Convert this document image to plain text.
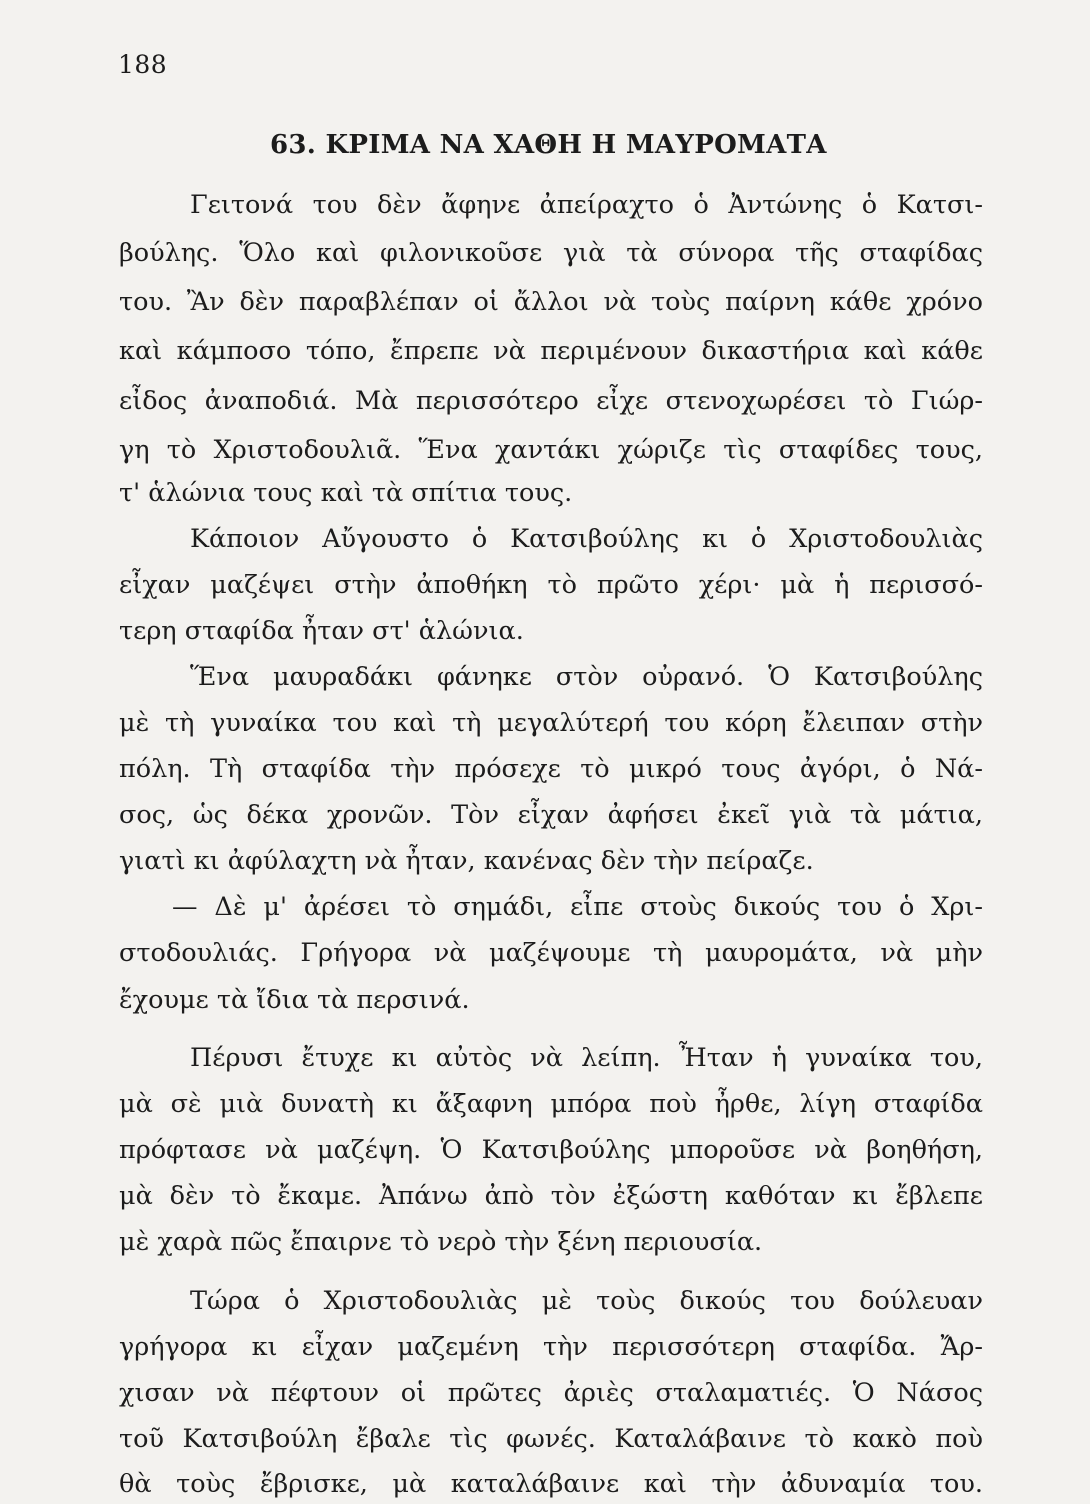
188
63. ΚΡΙΜΑ ΝΑ ΧΑΘΗ Η ΜΑΥΡΟΜΑΤΑ
Γειτονά του δὲν ἄφηνε ἀπείραχτο ὁ Ἀντώνης ὁ Κατσι-
βούλης. Ὅλο καὶ φιλονικοῦσε γιὰ τὰ σύνορα τῆς σταφίδας
του. Ἂν δὲν παραβλέπαν οἱ ἄλλοι νὰ τοὺς παίρνη κάθε χρόνο
καὶ κάμποσο τόπο, ἔπρεπε νὰ περιμένουν δικαστήρια καὶ κάθε
εἶδος ἀναποδιά. Μὰ περισσότερο εἶχε στενοχωρέσει τὸ Γιώρ-
γη τὸ Χριστοδουλιᾶ. Ἕνα χαντάκι χώριζε τὶς σταφίδες τους,
τ' ἁλώνια τους καὶ τὰ σπίτια τους.
Κάποιον Αὔγουστο ὁ Κατσιβούλης κι ὁ Χριστοδουλιὰς
εἶχαν μαζέψει στὴν ἀποθήκη τὸ πρῶτο χέρι· μὰ ἡ περισσό-
τερη σταφίδα ἦταν στ' ἁλώνια.
Ἕνα μαυραδάκι φάνηκε στὸν οὐρανό. Ὁ Κατσιβούλης
μὲ τὴ γυναίκα του καὶ τὴ μεγαλύτερή του κόρη ἔλειπαν στὴν
πόλη. Τὴ σταφίδα τὴν πρόσεχε τὸ μικρό τους ἀγόρι, ὁ Νά-
σος, ὡς δέκα χρονῶν. Τὸν εἶχαν ἀφήσει ἐκεῖ γιὰ τὰ μάτια,
γιατὶ κι ἀφύλαχτη νὰ ἦταν, κανένας δὲν τὴν πείραζε.
— Δὲ μ' ἀρέσει τὸ σημάδι, εἶπε στοὺς δικούς του ὁ Χρι-
στοδουλιάς. Γρήγορα νὰ μαζέψουμε τὴ μαυρομάτα, νὰ μὴν
ἔχουμε τὰ ἴδια τὰ περσινά.
Πέρυσι ἔτυχε κι αὐτὸς νὰ λείπη. Ἦταν ἡ γυναίκα του,
μὰ σὲ μιὰ δυνατὴ κι ἄξαφνη μπόρα ποὺ ἦρθε, λίγη σταφίδα
πρόφτασε νὰ μαζέψη. Ὁ Κατσιβούλης μποροῦσε νὰ βοηθήση,
μὰ δὲν τὸ ἔκαμε. Ἀπάνω ἀπὸ τὸν ἐξώστη καθόταν κι ἔβλεπε
μὲ χαρὰ πῶς ἔπαιρνε τὸ νερὸ τὴν ξένη περιουσία.
Τώρα ὁ Χριστοδουλιὰς μὲ τοὺς δικούς του δούλευαν
γρήγορα κι εἶχαν μαζεμένη τὴν περισσότερη σταφίδα. Ἄρ-
χισαν νὰ πέφτουν οἱ πρῶτες ἀριὲς σταλαματιές. Ὁ Νάσος
τοῦ Κατσιβούλη ἔβαλε τὶς φωνές. Καταλάβαινε τὸ κακὸ ποὺ
θὰ τοὺς ἔβρισκε, μὰ καταλάβαινε καὶ τὴν ἀδυναμία του.
